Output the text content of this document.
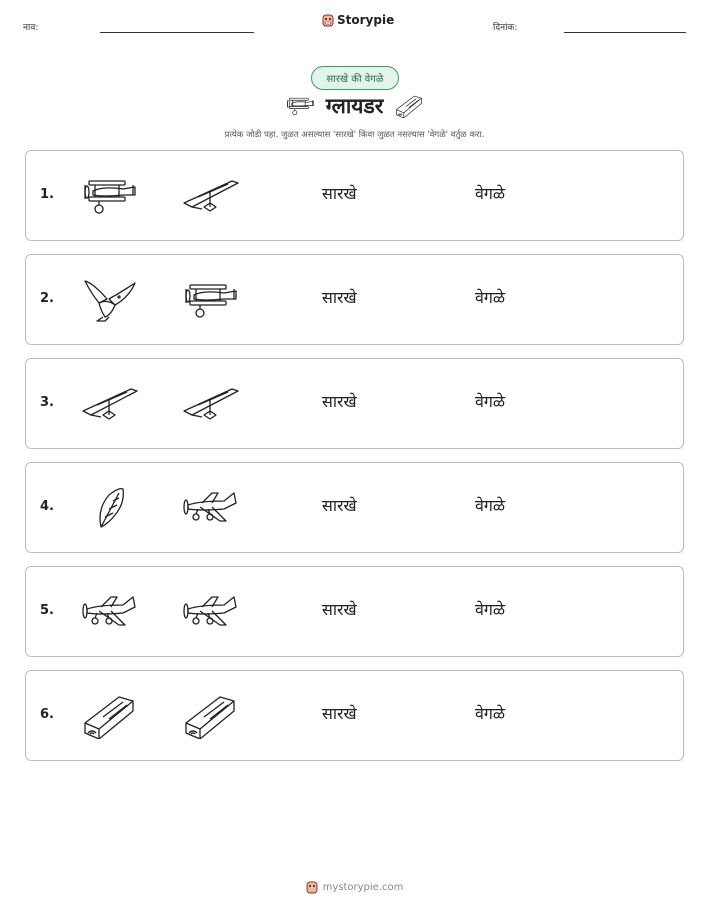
नाव:
Storypie
दिनांक:
सारखे की वेगळे
ग्लायडर
प्रत्येक जोडी पहा. जुळत असल्यास 'सारखे' किंवा जुळत नसल्यास 'वेगळे' वर्तुळ करा.
1.	सारखे	वेगळे
2.	सारखे	वेगळे
3.	सारखे	वेगळे
4.	सारखे	वेगळे
5.	सारखे	वेगळे
6.	सारखे	वेगळे
mystorypie.com
